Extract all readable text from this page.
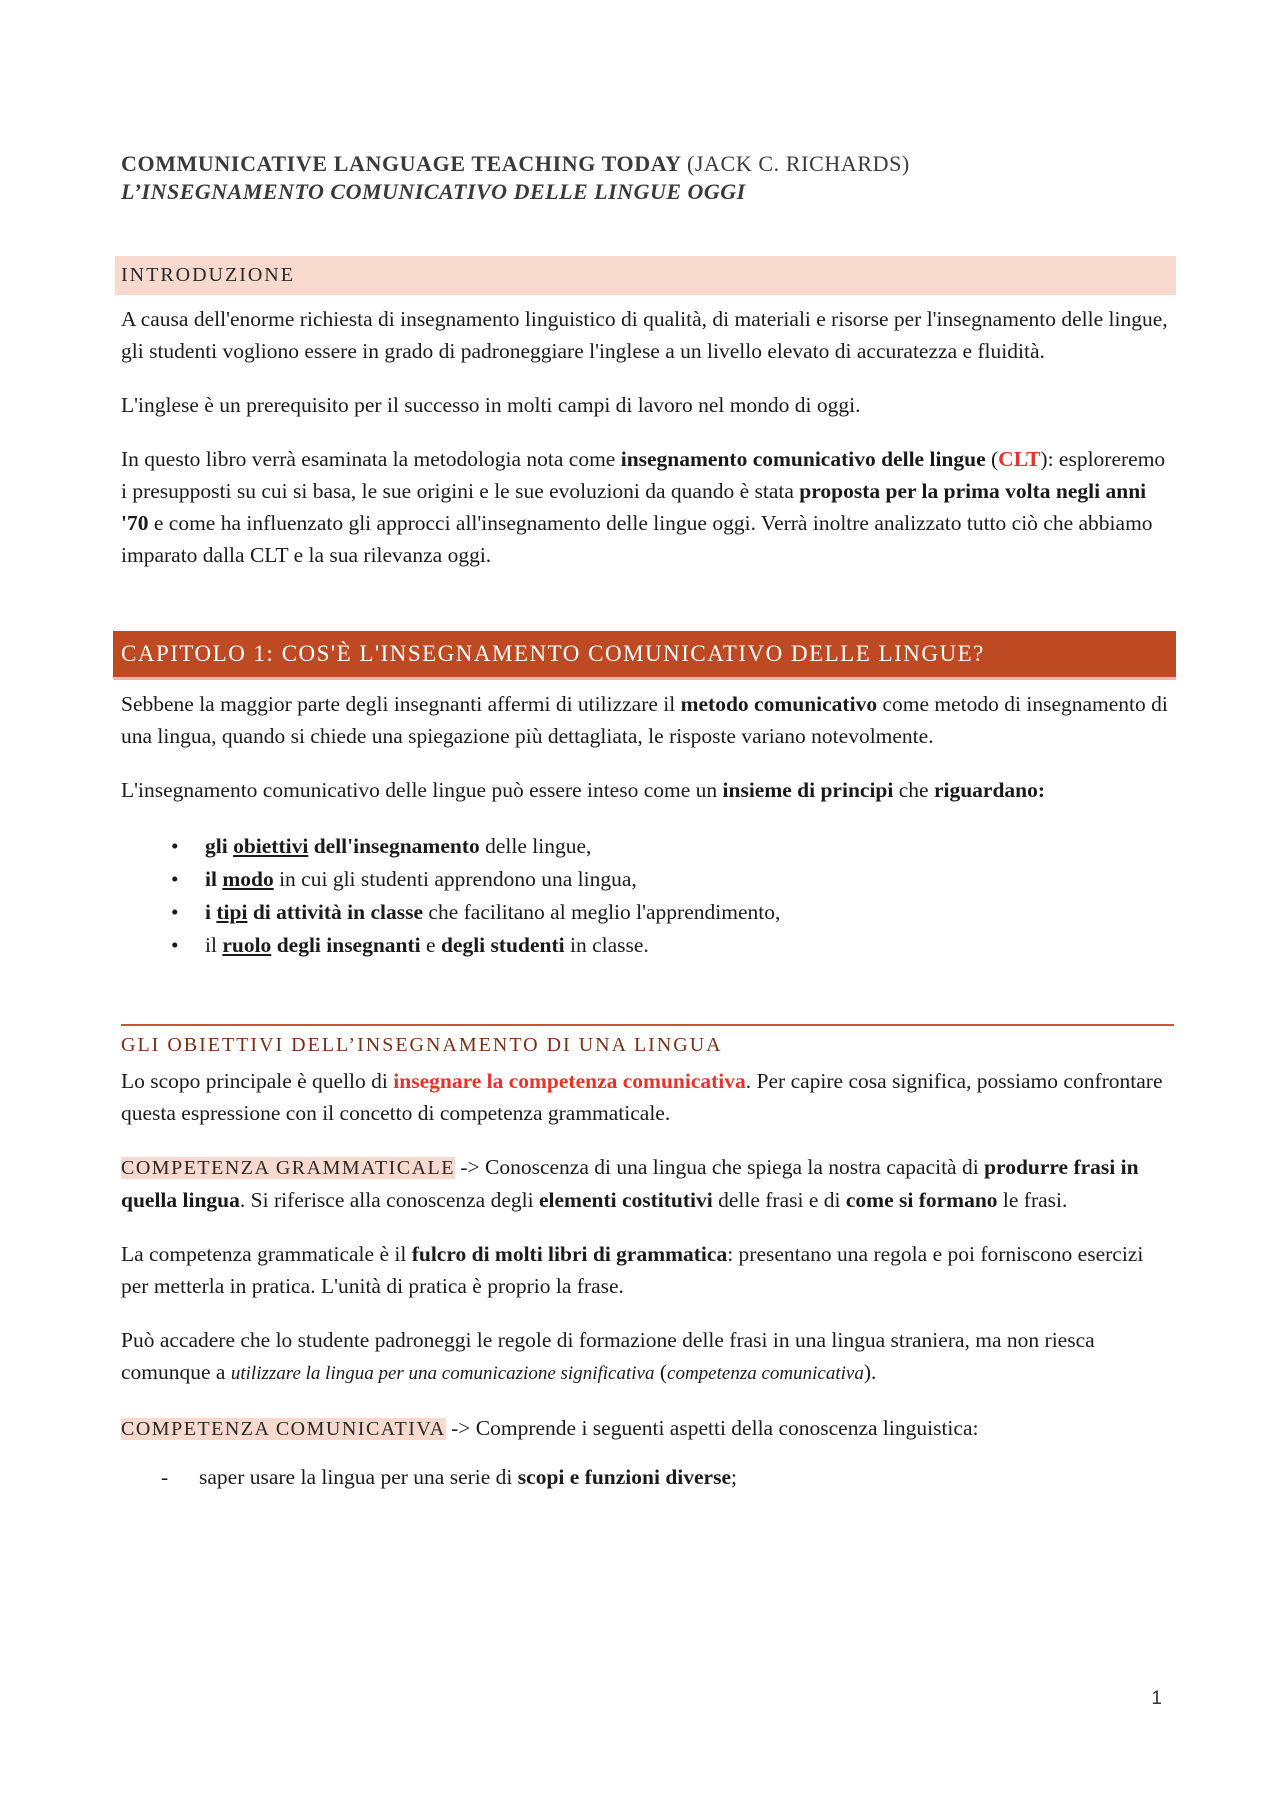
COMMUNICATIVE LANGUAGE TEACHING TODAY (JACK C. RICHARDS)
L’INSEGNAMENTO COMUNICATIVO DELLE LINGUE OGGI
INTRODUZIONE

A causa dell'enorme richiesta di insegnamento linguistico di qualità, di materiali e risorse per l'insegnamento delle lingue, gli studenti vogliono essere in grado di padroneggiare l'inglese a un livello elevato di accuratezza e fluidità.

L'inglese è un prerequisito per il successo in molti campi di lavoro nel mondo di oggi.

In questo libro verrà esaminata la metodologia nota come insegnamento comunicativo delle lingue (CLT): esploreremo i presupposti su cui si basa, le sue origini e le sue evoluzioni da quando è stata proposta per la prima volta negli anni '70 e come ha influenzato gli approcci all'insegnamento delle lingue oggi. Verrà inoltre analizzato tutto ciò che abbiamo imparato dalla CLT e la sua rilevanza oggi.

CAPITOLO 1: COS'È L'INSEGNAMENTO COMUNICATIVO DELLE LINGUE?

Sebbene la maggior parte degli insegnanti affermi di utilizzare il metodo comunicativo come metodo di insegnamento di una lingua, quando si chiede una spiegazione più dettagliata, le risposte variano notevolmente.

L'insegnamento comunicativo delle lingue può essere inteso come un insieme di principi che riguardano:

• gli obiettivi dell'insegnamento delle lingue,
• il modo in cui gli studenti apprendono una lingua,
• i tipi di attività in classe che facilitano al meglio l'apprendimento,
• il ruolo degli insegnanti e degli studenti in classe.
GLI OBIETTIVI DELL’INSEGNAMENTO DI UNA LINGUA

Lo scopo principale è quello di insegnare la competenza comunicativa. Per capire cosa significa, possiamo confrontare questa espressione con il concetto di competenza grammaticale.

COMPETENZA GRAMMATICALE -> Conoscenza di una lingua che spiega la nostra capacità di produrre frasi in quella lingua. Si riferisce alla conoscenza degli elementi costitutivi delle frasi e di come si formano le frasi.

La competenza grammaticale è il fulcro di molti libri di grammatica: presentano una regola e poi forniscono esercizi per metterla in pratica. L'unità di pratica è proprio la frase.

Può accadere che lo studente padroneggi le regole di formazione delle frasi in una lingua straniera, ma non riesca comunque a utilizzare la lingua per una comunicazione significativa (competenza comunicativa).

COMPETENZA COMUNICATIVA -> Comprende i seguenti aspetti della conoscenza linguistica:

- saper usare la lingua per una serie di scopi e funzioni diverse;
1
